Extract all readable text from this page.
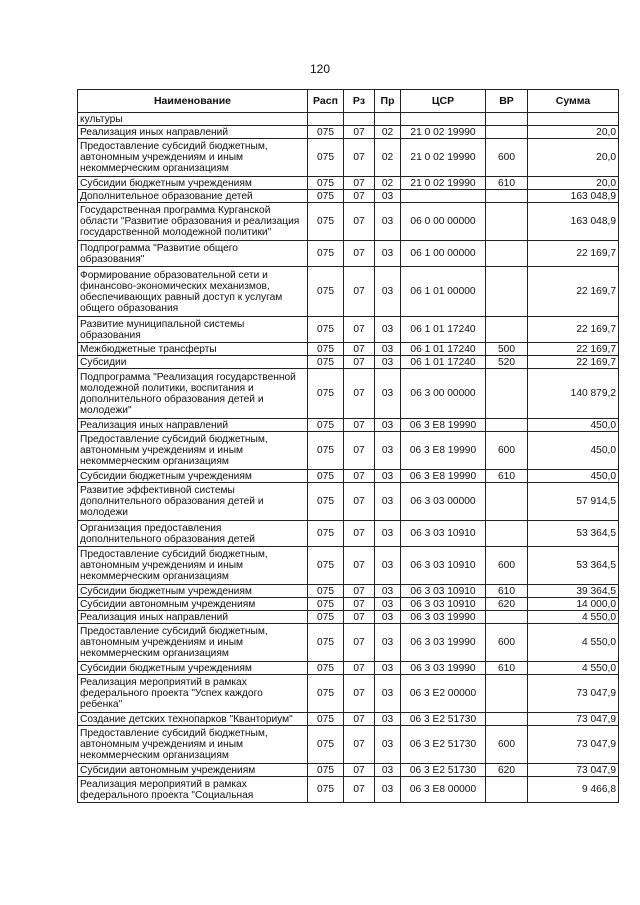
120
Наименование	Расп	Рз	Пр	ЦСР	ВР	Сумма
культуры						
Реализация иных направлений	075	07	02	21 0 02 19990		20,0
Предоставление субсидий бюджетным, автономным учреждениям и иным некоммерческим организациям	075	07	02	21 0 02 19990	600	20,0
Субсидии бюджетным учреждениям	075	07	02	21 0 02 19990	610	20,0
Дополнительное образование детей	075	07	03			163 048,9
Государственная программа Курганской области "Развитие образования и реализация государственной молодежной политики"	075	07	03	06 0 00 00000		163 048,9
Подпрограмма "Развитие общего образования"	075	07	03	06 1 00 00000		22 169,7
Формирование образовательной сети и финансово-экономических механизмов, обеспечивающих равный доступ к услугам общего образования	075	07	03	06 1 01 00000		22 169,7
Развитие муниципальной системы образования	075	07	03	06 1 01 17240		22 169,7
Межбюджетные трансферты	075	07	03	06 1 01 17240	500	22 169,7
Субсидии	075	07	03	06 1 01 17240	520	22 169,7
Подпрограмма "Реализация государственной молодежной политики, воспитания и дополнительного образования детей и молодежи"	075	07	03	06 3 00 00000		140 879,2
Реализация иных направлений	075	07	03	06 3 E8 19990		450,0
Предоставление субсидий бюджетным, автономным учреждениям и иным некоммерческим организациям	075	07	03	06 3 E8 19990	600	450,0
Субсидии бюджетным учреждениям	075	07	03	06 3 E8 19990	610	450,0
Развитие эффективной системы дополнительного образования детей и молодежи	075	07	03	06 3 03 00000		57 914,5
Организация предоставления дополнительного образования детей	075	07	03	06 3 03 10910		53 364,5
Предоставление субсидий бюджетным, автономным учреждениям и иным некоммерческим организациям	075	07	03	06 3 03 10910	600	53 364,5
Субсидии бюджетным учреждениям	075	07	03	06 3 03 10910	610	39 364,5
Субсидии автономным учреждениям	075	07	03	06 3 03 10910	620	14 000,0
Реализация иных направлений	075	07	03	06 3 03 19990		4 550,0
Предоставление субсидий бюджетным, автономным учреждениям и иным некоммерческим организациям	075	07	03	06 3 03 19990	600	4 550,0
Субсидии бюджетным учреждениям	075	07	03	06 3 03 19990	610	4 550,0
Реализация мероприятий в рамках федерального проекта "Успех каждого ребенка"	075	07	03	06 3 E2 00000		73 047,9
Создание детских технопарков "Кванториум"	075	07	03	06 3 E2 51730		73 047,9
Предоставление субсидий бюджетным, автономным учреждениям и иным некоммерческим организациям	075	07	03	06 3 E2 51730	600	73 047,9
Субсидии автономным учреждениям	075	07	03	06 3 E2 51730	620	73 047,9
Реализация мероприятий в рамках федерального проекта "Социальная	075	07	03	06 3 E8 00000		9 466,8
